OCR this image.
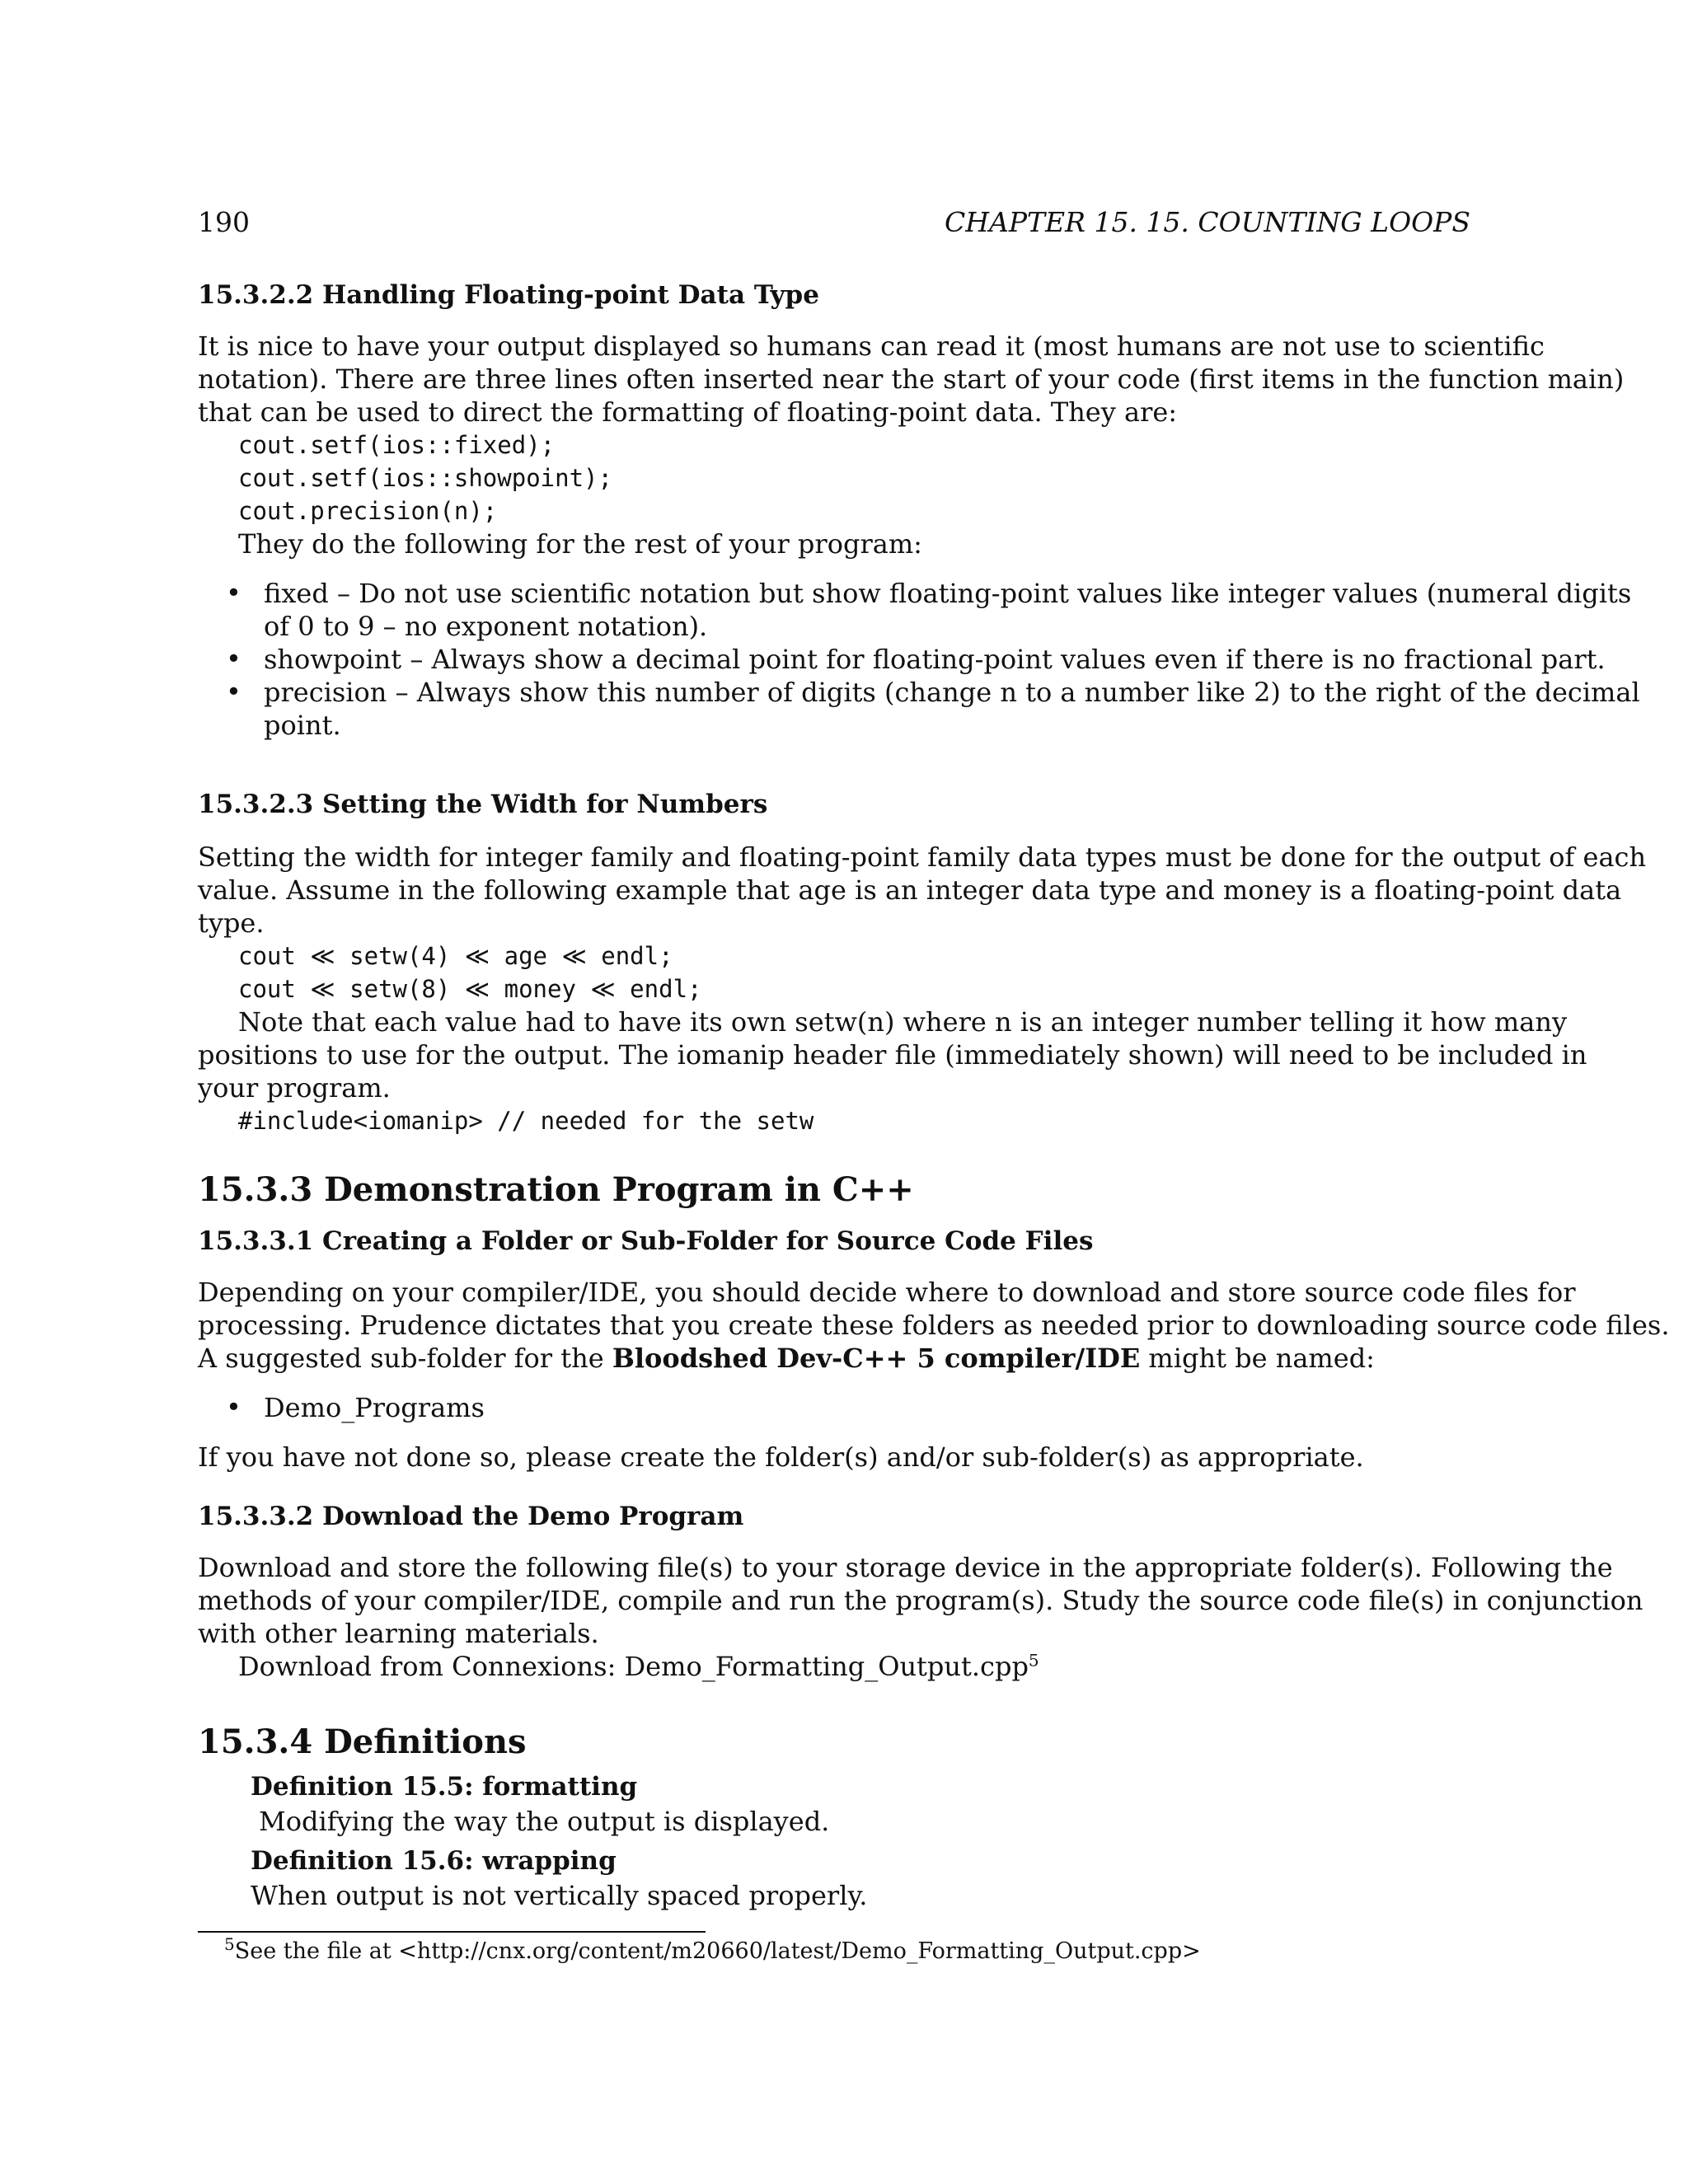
190	CHAPTER 15. 15. COUNTING LOOPS
15.3.2.2 Handling Floating-point Data Type
It is nice to have your output displayed so humans can read it (most humans are not use to scientific
notation). There are three lines often inserted near the start of your code (first items in the function main)
that can be used to direct the formatting of floating-point data. They are:
cout.setf(ios::fixed);
cout.setf(ios::showpoint);
cout.precision(n);
They do the following for the rest of your program:
• fixed – Do not use scientific notation but show floating-point values like integer values (numeral digits
of 0 to 9 – no exponent notation).
• showpoint – Always show a decimal point for floating-point values even if there is no fractional part.
• precision – Always show this number of digits (change n to a number like 2) to the right of the decimal
point.
15.3.2.3 Setting the Width for Numbers
Setting the width for integer family and floating-point family data types must be done for the output of each
value. Assume in the following example that age is an integer data type and money is a floating-point data
type.
cout ≪ setw(4) ≪ age ≪ endl;
cout ≪ setw(8) ≪ money ≪ endl;
Note that each value had to have its own setw(n) where n is an integer number telling it how many
positions to use for the output. The iomanip header file (immediately shown) will need to be included in
your program.
#include<iomanip> // needed for the setw
15.3.3 Demonstration Program in C++
15.3.3.1 Creating a Folder or Sub-Folder for Source Code Files
Depending on your compiler/IDE, you should decide where to download and store source code files for
processing. Prudence dictates that you create these folders as needed prior to downloading source code files.
A suggested sub-folder for the Bloodshed Dev-C++ 5 compiler/IDE might be named:
• Demo_Programs
If you have not done so, please create the folder(s) and/or sub-folder(s) as appropriate.
15.3.3.2 Download the Demo Program
Download and store the following file(s) to your storage device in the appropriate folder(s). Following the
methods of your compiler/IDE, compile and run the program(s). Study the source code file(s) in conjunction
with other learning materials.
Download from Connexions: Demo_Formatting_Output.cpp$^5$
15.3.4 Definitions
Definition 15.5: formatting
Modifying the way the output is displayed.
Definition 15.6: wrapping
When output is not vertically spaced properly.
$^5$See the file at <http://cnx.org/content/m20660/latest/Demo_Formatting_Output.cpp>
